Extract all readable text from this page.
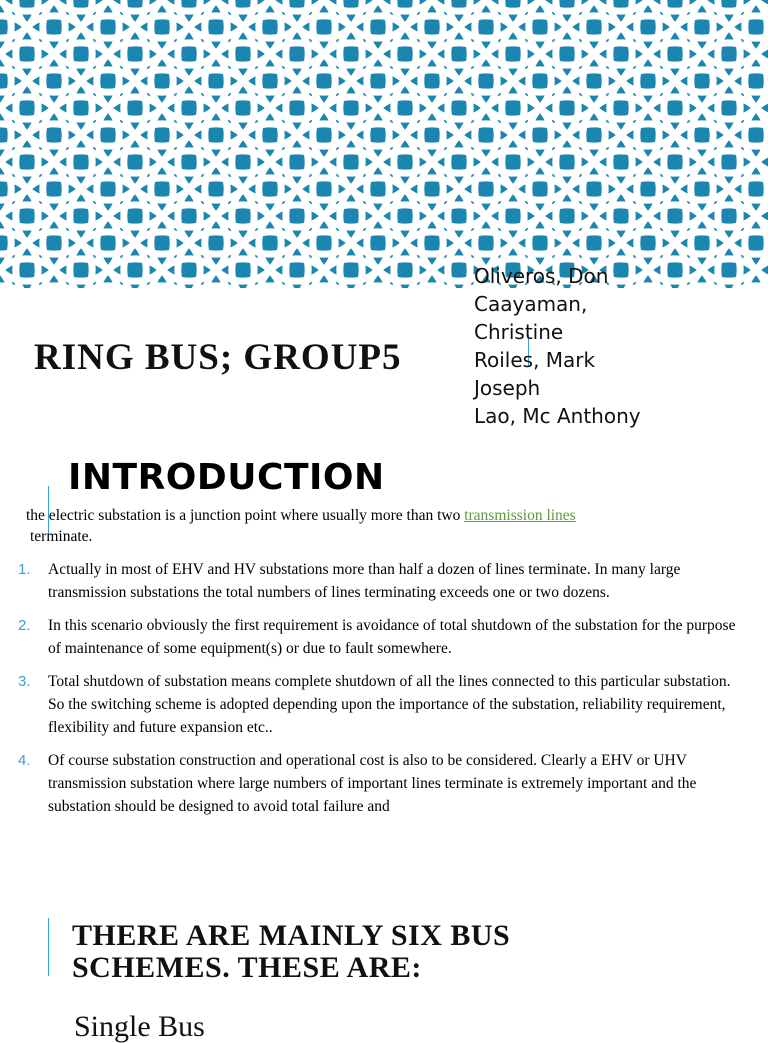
RING BUS; GROUP5
Oliveros, Don
Caayaman,
Christine
Roiles, Mark
Joseph
Lao, Mc Anthony
INTRODUCTION
the electric substation is a junction point where usually more than two transmission lines
terminate.
1. Actually in most of EHV and HV substations more than half a dozen of lines terminate. In many large transmission substations the total numbers of lines terminating exceeds one or two dozens.
2. In this scenario obviously the first requirement is avoidance of total shutdown of the substation for the purpose of maintenance of some equipment(s) or due to fault somewhere.
3. Total shutdown of substation means complete shutdown of all the lines connected to this particular substation. So the switching scheme is adopted depending upon the importance of the substation, reliability requirement, flexibility and future expansion etc..
4. Of course substation construction and operational cost is also to be considered. Clearly a EHV or UHV transmission substation where large numbers of important lines terminate is extremely important and the substation should be designed to avoid total failure and
THERE ARE MAINLY SIX BUS
SCHEMES. THESE ARE:
Single Bus
